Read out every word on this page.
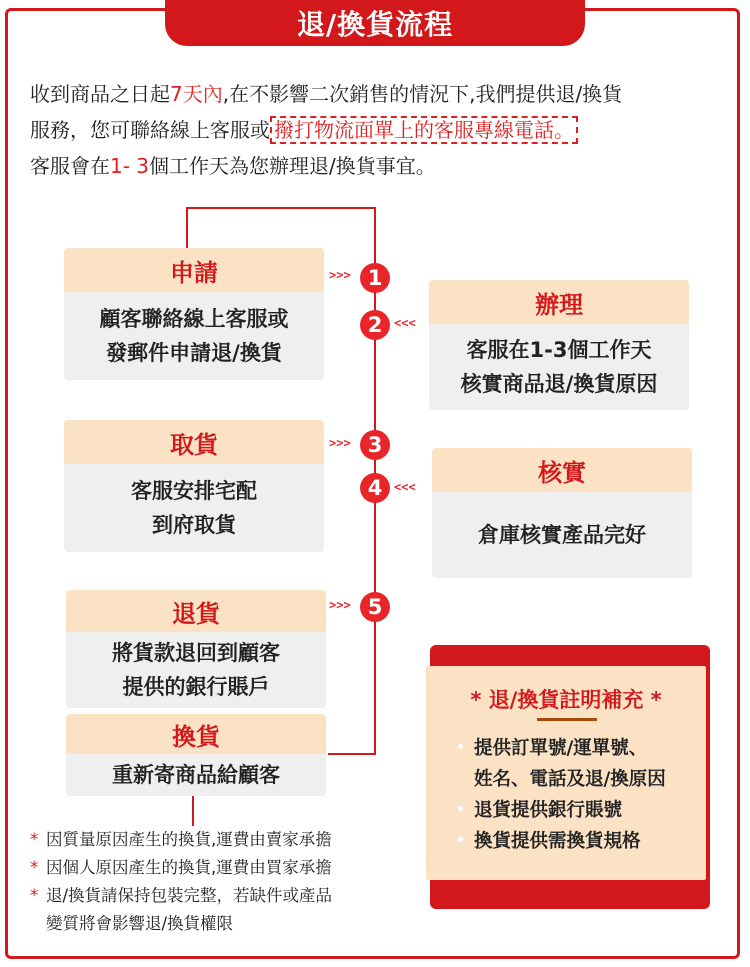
退/換貨流程
收到商品之日起7天內,在不影響二次銷售的情況下,我們提供退/換貨
服務，您可聯絡線上客服或 撥打物流面單上的客服專線電話。
客服會在1- 3個工作天為您辦理退/換貨事宜。
申請
顧客聯絡線上客服或
發郵件申請退/換貨
辦理
客服在1-3個工作天
核實商品退/換貨原因
取貨
客服安排宅配
到府取貨
核實
倉庫核實產品完好
退貨
將貨款退回到顧客
提供的銀行賬戶
換貨
重新寄商品給顧客
>>>
<<<
>>>
<<<
>>>
1
2
3
4
5
* 因質量原因產生的換貨,運費由賣家承擔
* 因個人原因產生的換貨,運費由買家承擔
* 退/換貨請保持包裝完整，若缺件或產品
變質將會影響退/換貨權限
* 退/換貨註明補充 *
• 提供訂單號/運單號、
姓名、電話及退/換原因
• 退貨提供銀行賬號
• 換貨提供需換貨規格
